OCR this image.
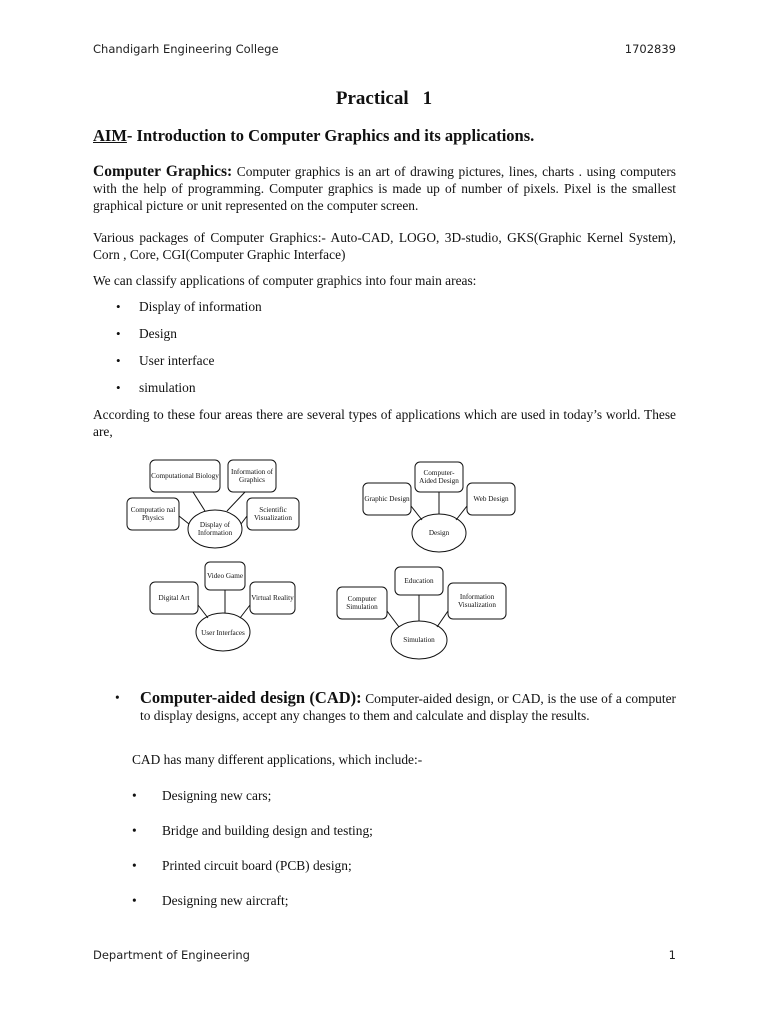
Chandigarh Engineering College	1702839
Practical 1
AIM- Introduction to Computer Graphics and its applications.
Computer Graphics: Computer graphics is an art of drawing pictures, lines, charts . using computers with the help of programming. Computer graphics is made up of number of pixels. Pixel is the smallest graphical picture or unit represented on the computer screen.
Various packages of Computer Graphics:- Auto-CAD, LOGO, 3D-studio, GKS(Graphic Kernel System), Corn , Core, CGI(Computer Graphic Interface)
We can classify applications of computer graphics into four main areas:
• Display of information
• Design
• User interface
• simulation
According to these four areas there are several types of applications which are used in today’s world. These are,
Computational Biology	Information of Graphics
Computatio nal Physics
Scientific Visualization
Display of Information
Video Game
Digital Art	Virtual Reality
User Interfaces
Computer-Aided Design
Graphic Design	Web Design
Design
Education
Computer Simulation
Information Visualization
Simulation
•	Computer-aided design (CAD): Computer-aided design, or CAD, is the use of a computer to display designs, accept any changes to them and calculate and display the results.
CAD has many different applications, which include:-
• Designing new cars;
• Bridge and building design and testing;
• Printed circuit board (PCB) design;
• Designing new aircraft;
Department of Engineering	1
